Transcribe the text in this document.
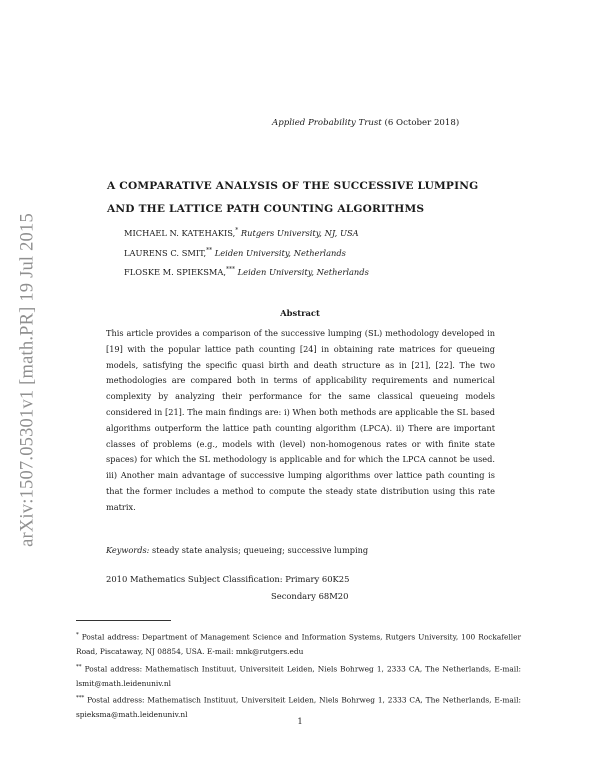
arXiv:1507.05301v1 [math.PR] 19 Jul 2015
Applied Probability Trust (6 October 2018)
A COMPARATIVE ANALYSIS OF THE SUCCESSIVE LUMPING AND THE LATTICE PATH COUNTING ALGORITHMS
MICHAEL N. KATEHAKIS,* Rutgers University, NJ, USA
LAURENS C. SMIT,** Leiden University, Netherlands
FLOSKE M. SPIEKSMA,*** Leiden University, Netherlands
Abstract
This article provides a comparison of the successive lumping (SL) methodology developed in [19] with the popular lattice path counting [24] in obtaining rate matrices for queueing models, satisfying the specific quasi birth and death structure as in [21], [22]. The two methodologies are compared both in terms of applicability requirements and numerical complexity by analyzing their performance for the same classical queueing models considered in [21]. The main findings are: i) When both methods are applicable the SL based algorithms outperform the lattice path counting algorithm (LPCA). ii) There are important classes of problems (e.g., models with (level) non-homogenous rates or with finite state spaces) for which the SL methodology is applicable and for which the LPCA cannot be used. iii) Another main advantage of successive lumping algorithms over lattice path counting is that the former includes a method to compute the steady state distribution using this rate matrix.
Keywords: steady state analysis; queueing; successive lumping
2010 Mathematics Subject Classification: Primary 60K25
Secondary 68M20

* Postal address: Department of Management Science and Information Systems, Rutgers University, 100 Rockafeller Road, Piscataway, NJ 08854, USA. E-mail: mnk@rutgers.edu

** Postal address: Mathematisch Instituut, Universiteit Leiden, Niels Bohrweg 1, 2333 CA, The Netherlands, E-mail: lsmit@math.leidenuniv.nl

*** Postal address: Mathematisch Instituut, Universiteit Leiden, Niels Bohrweg 1, 2333 CA, The Netherlands, E-mail: spieksma@math.leidenuniv.nl

1
